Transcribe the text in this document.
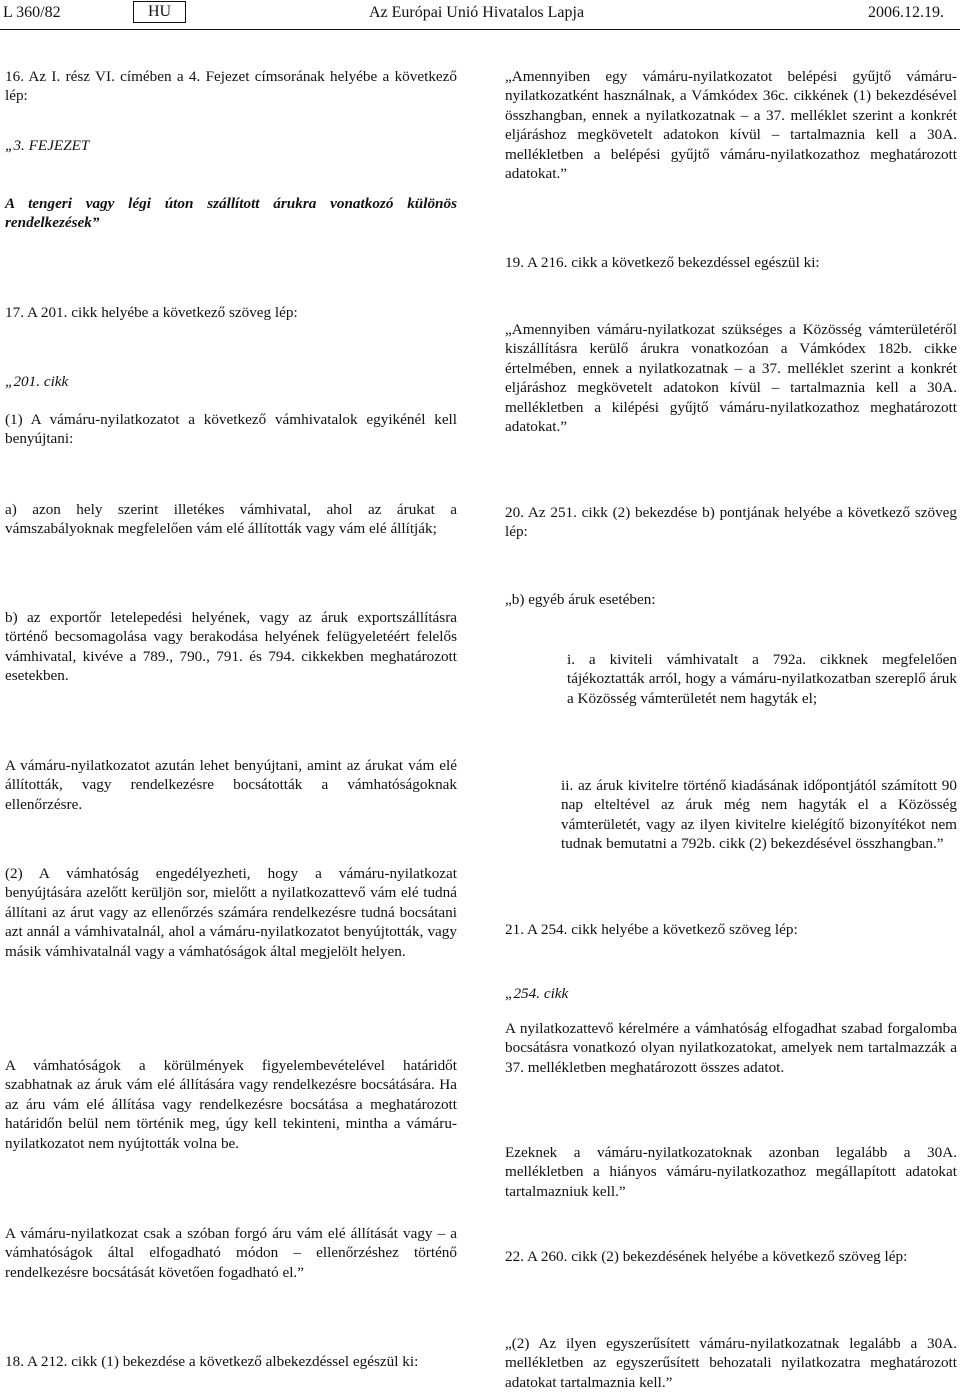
L 360/82	HU	Az Európai Unió Hivatalos Lapja	2006.12.19.

16. Az I. rész VI. címében a 4. Fejezet címsorának helyébe a következő lép:

„3. FEJEZET

A tengeri vagy légi úton szállított árukra vonatkozó különös rendelkezések”

17. A 201. cikk helyébe a következő szöveg lép:

„201. cikk

(1) A vámáru-nyilatkozatot a következő vámhivatalok egyikénél kell benyújtani:

a) azon hely szerint illetékes vámhivatal, ahol az árukat a vámszabályoknak megfelelően vám elé állították vagy vám elé állítják;

b) az exportőr letelepedési helyének, vagy az áruk exportszállításra történő becsomagolása vagy berakodása helyének felügyeletéért felelős vámhivatal, kivéve a 789., 790., 791. és 794. cikkekben meghatározott esetekben.

A vámáru-nyilatkozatot azután lehet benyújtani, amint az árukat vám elé állították, vagy rendelkezésre bocsátották a vámhatóságoknak ellenőrzésre.

(2) A vámhatóság engedélyezheti, hogy a vámáru-nyilatkozat benyújtására azelőtt kerüljön sor, mielőtt a nyilatkozattevő vám elé tudná állítani az árut vagy az ellenőrzés számára rendelkezésre tudná bocsátani azt annál a vámhivatalnál, ahol a vámáru-nyilatkozatot benyújtották, vagy másik vámhivatalnál vagy a vámhatóságok által megjelölt helyen.

A vámhatóságok a körülmények figyelembevételével határidőt szabhatnak az áruk vám elé állítására vagy rendelkezésre bocsátására. Ha az áru vám elé állítása vagy rendelkezésre bocsátása a meghatározott határidőn belül nem történik meg, úgy kell tekinteni, mintha a vámáru-nyilatkozatot nem nyújtották volna be.

A vámáru-nyilatkozat csak a szóban forgó áru vám elé állítását vagy – a vámhatóságok által elfogadható módon – ellenőrzéshez történő rendelkezésre bocsátását követően fogadható el.”

18. A 212. cikk (1) bekezdése a következő albekezdéssel egészül ki:

„Amennyiben egy vámáru-nyilatkozatot belépési gyűjtő vámáru-nyilatkozatként használnak, a Vámkódex 36c. cikkének (1) bekezdésével összhangban, ennek a nyilatkozatnak – a 37. melléklet szerint a konkrét eljáráshoz megkövetelt adatokon kívül – tartalmaznia kell a 30A. mellékletben a belépési gyűjtő vámáru-nyilatkozathoz meghatározott adatokat.”

19. A 216. cikk a következő bekezdéssel egészül ki:

„Amennyiben vámáru-nyilatkozat szükséges a Közösség vámterületéről kiszállításra kerülő árukra vonatkozóan a Vámkódex 182b. cikke értelmében, ennek a nyilatkozatnak – a 37. melléklet szerint a konkrét eljáráshoz megkövetelt adatokon kívül – tartalmaznia kell a 30A. mellékletben a kilépési gyűjtő vámáru-nyilatkozathoz meghatározott adatokat.”

20. Az 251. cikk (2) bekezdése b) pontjának helyébe a következő szöveg lép:

„b) egyéb áruk esetében:

i. a kiviteli vámhivatalt a 792a. cikknek megfelelően tájékoztatták arról, hogy a vámáru-nyilatkozatban szereplő áruk a Közösség vámterületét nem hagyták el;

ii. az áruk kivitelre történő kiadásának időpontjától számított 90 nap elteltével az áruk még nem hagyták el a Közösség vámterületét, vagy az ilyen kivitelre kielégítő bizonyítékot nem tudnak bemutatni a 792b. cikk (2) bekezdésével összhangban.”

21. A 254. cikk helyébe a következő szöveg lép:

„254. cikk

A nyilatkozattevő kérelmére a vámhatóság elfogadhat szabad forgalomba bocsátásra vonatkozó olyan nyilatkozatokat, amelyek nem tartalmazzák a 37. mellékletben meghatározott összes adatot.

Ezeknek a vámáru-nyilatkozatoknak azonban legalább a 30A. mellékletben a hiányos vámáru-nyilatkozathoz megállapított adatokat tartalmazniuk kell.”

22. A 260. cikk (2) bekezdésének helyébe a következő szöveg lép:

„(2) Az ilyen egyszerűsített vámáru-nyilatkozatnak legalább a 30A. mellékletben az egyszerűsített behozatali nyilatkozatra meghatározott adatokat tartalmaznia kell.”
